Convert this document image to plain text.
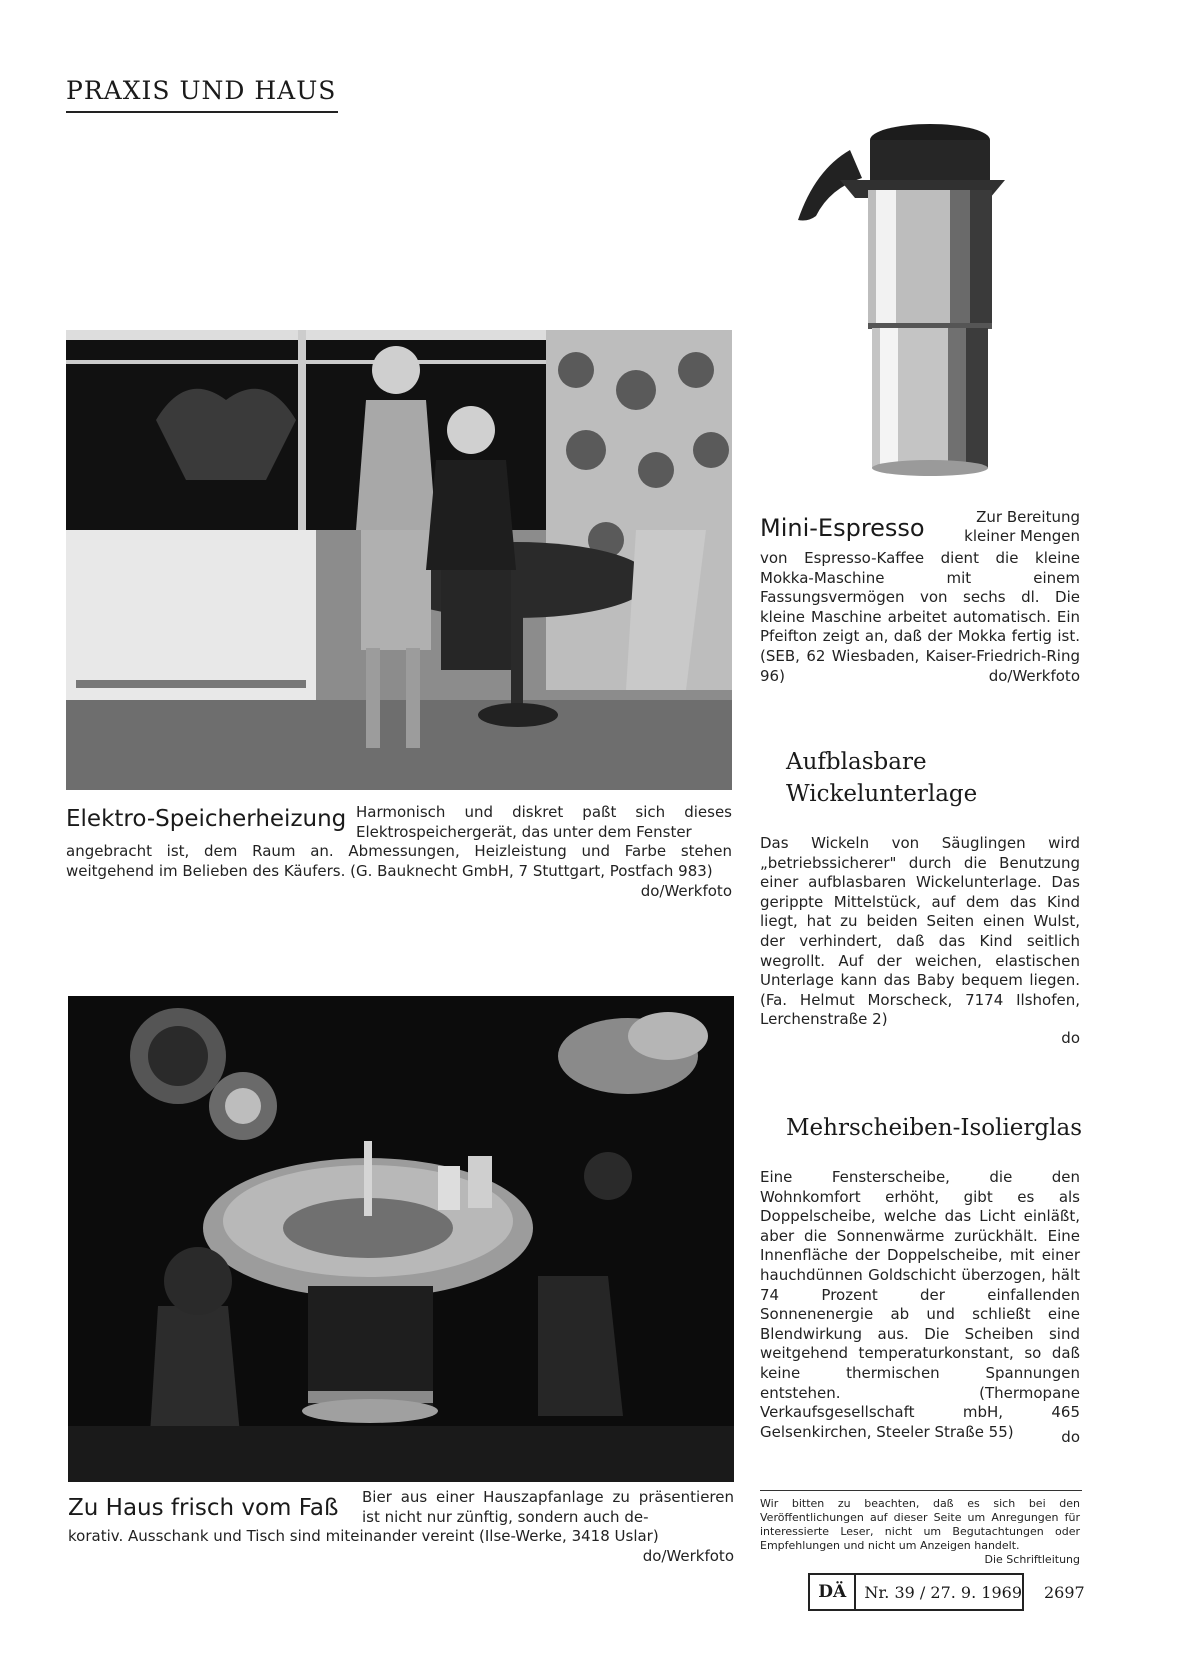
PRAXIS UND HAUS
Mini-Espresso	Zur Bereitung kleiner Mengen
von Espresso-Kaffee dient die kleine Mokka-Maschine mit einem Fassungsvermögen von sechs dl. Die kleine Maschine arbeitet automatisch. Ein Pfeifton zeigt an, daß der Mokka fertig ist. (SEB, 62 Wiesbaden, Kaiser-Friedrich-Ring 96)	do/Werkfoto
Elektro-Speicherheizung Harmonisch und diskret paßt sich dieses Elektrospeichergerät, das unter dem Fenster
angebracht ist, dem Raum an. Abmessungen, Heizleistung und Farbe stehen weitgehend im Belieben des Käufers. (G. Bauknecht GmbH, 7 Stuttgart, Postfach 983)
do/Werkfoto
Aufblasbare
Wickelunterlage
Das Wickeln von Säuglingen wird „betriebssicherer" durch die Benutzung einer aufblasbaren Wickelunterlage. Das gerippte Mittelstück, auf dem das Kind liegt, hat zu beiden Seiten einen Wulst, der verhindert, daß das Kind seitlich wegrollt. Auf der weichen, elastischen Unterlage kann das Baby bequem liegen. (Fa. Helmut Morscheck, 7174 Ilshofen, Lerchenstraße 2)
do
Mehrscheiben-Isolierglas
Eine Fensterscheibe, die den Wohnkomfort erhöht, gibt es als Doppelscheibe, welche das Licht einläßt, aber die Sonnenwärme zurückhält. Eine Innenfläche der Doppelscheibe, mit einer hauchdünnen Goldschicht überzogen, hält 74 Prozent der einfallenden Sonnenenergie ab und schließt eine Blendwirkung aus. Die Scheiben sind weitgehend temperaturkonstant, so daß keine thermischen Spannungen entstehen. (Thermopane Verkaufsgesellschaft mbH, 465 Gelsenkirchen, Steeler Straße 55)	do
Zu Haus frisch vom Faß Bier aus einer Hauszapfanlage zu präsentieren ist nicht nur zünftig, sondern auch de-
korativ. Ausschank und Tisch sind miteinander vereint (Ilse-Werke, 3418 Uslar)
do/Werkfoto
Wir bitten zu beachten, daß es sich bei den Veröffentlichungen auf dieser Seite um Anregungen für interessierte Leser, nicht um Begutachtungen oder Empfehlungen und nicht um Anzeigen handelt.
Die Schriftleitung
DÄ	Nr. 39 / 27. 9. 1969 2697
